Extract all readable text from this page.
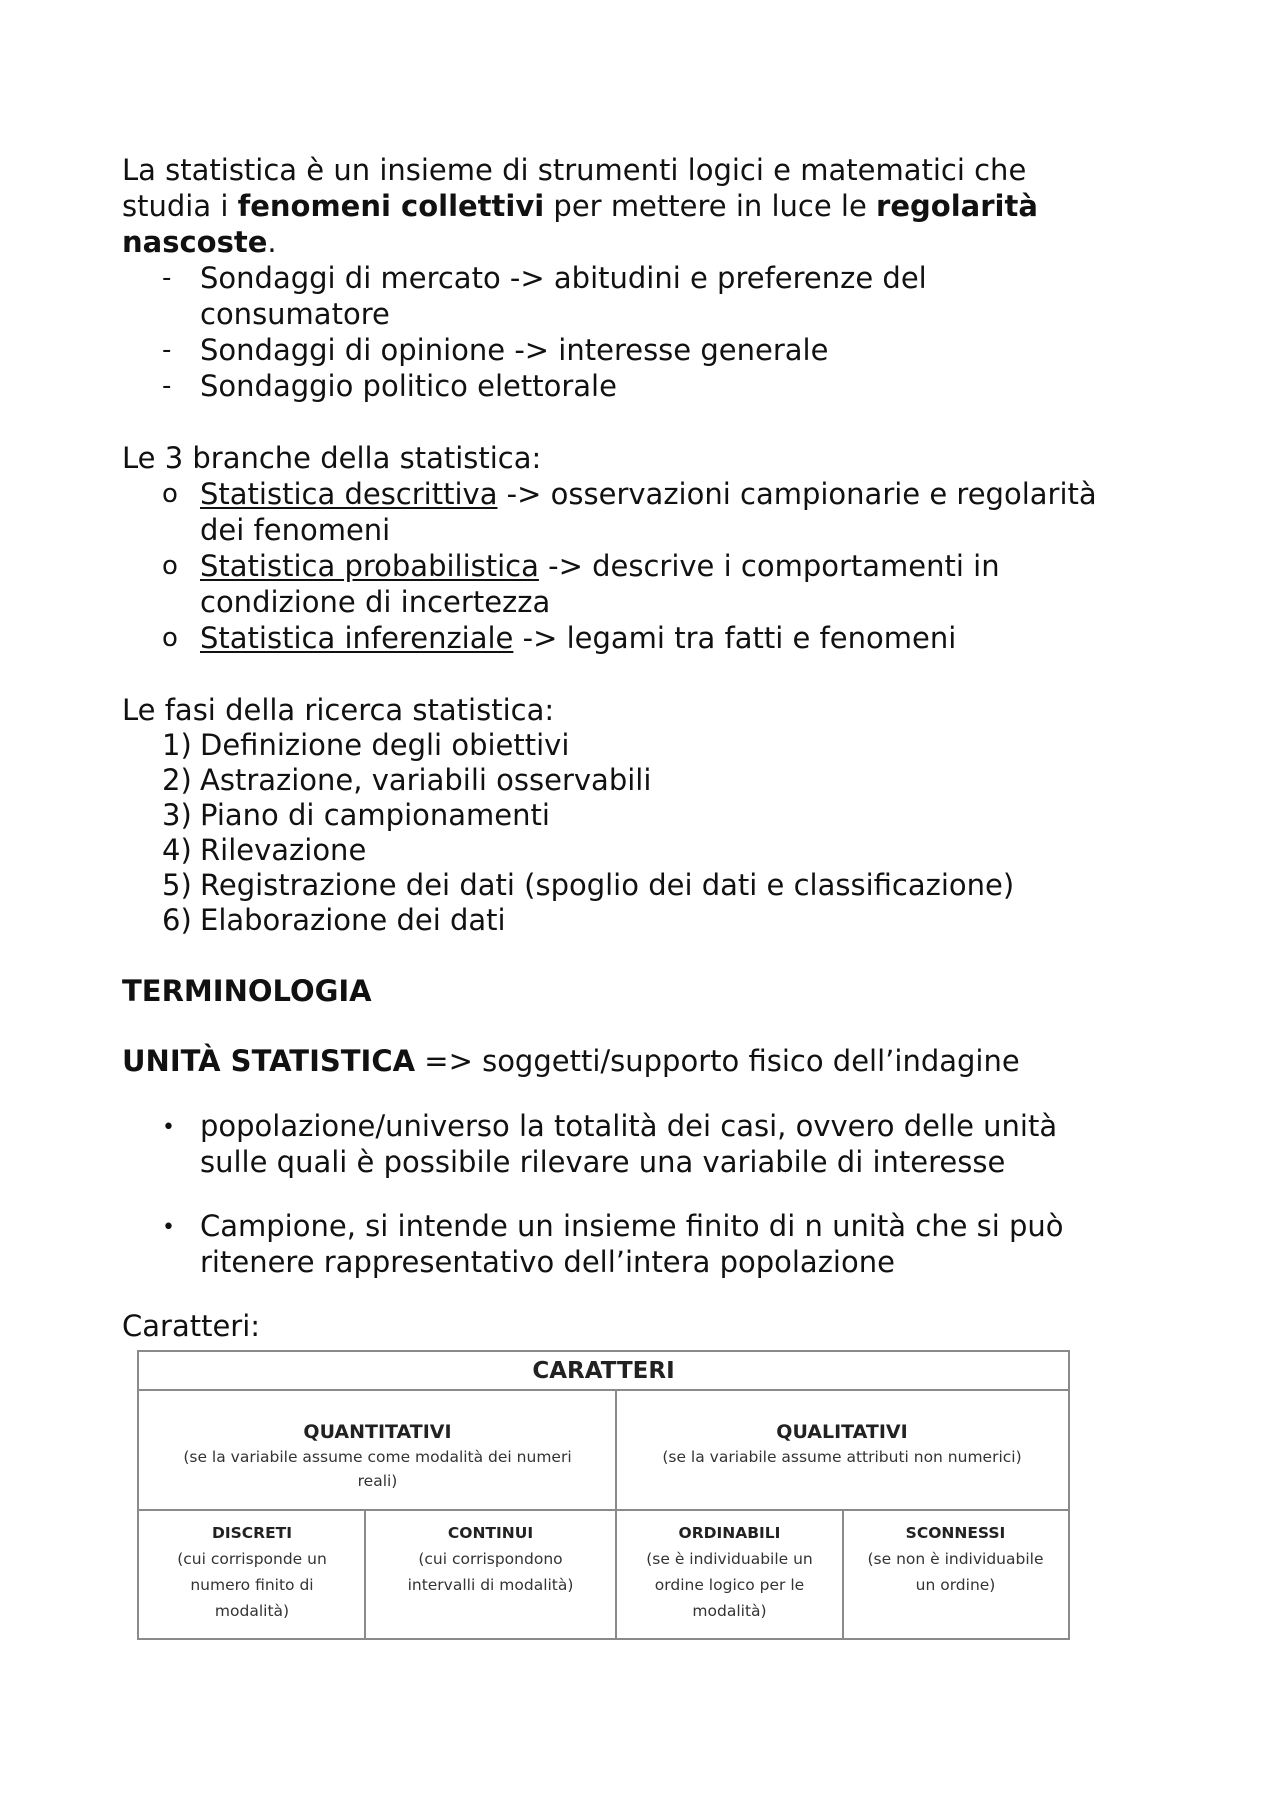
La statistica è un insieme di strumenti logici e matematici che
studia i fenomeni collettivi per mettere in luce le regolarità
nascoste.
- Sondaggi di mercato -> abitudini e preferenze del
consumatore
- Sondaggi di opinione -> interesse generale
- Sondaggio politico elettorale
Le 3 branche della statistica:
o Statistica descrittiva -> osservazioni campionarie e regolarità
dei fenomeni
o Statistica probabilistica -> descrive i comportamenti in
condizione di incertezza
o Statistica inferenziale -> legami tra fatti e fenomeni
Le fasi della ricerca statistica:
1) Definizione degli obiettivi
2) Astrazione, variabili osservabili
3) Piano di campionamenti
4) Rilevazione
5) Registrazione dei dati (spoglio dei dati e classificazione)
6) Elaborazione dei dati
TERMINOLOGIA
UNITÀ STATISTICA => soggetti/supporto fisico dell’indagine
• popolazione/universo la totalità dei casi, ovvero delle unità
sulle quali è possibile rilevare una variabile di interesse
• Campione, si intende un insieme finito di n unità che si può
ritenere rappresentativo dell’intera popolazione
Caratteri:
CARATTERI
QUANTITATIVI
(se la variabile assume come modalità dei numeri
reali)
QUALITATIVI
(se la variabile assume attributi non numerici)
DISCRETI
(cui corrisponde un
numero finito di
modalità)
CONTINUI
(cui corrispondono
intervalli di modalità)
ORDINABILI
(se è individuabile un
ordine logico per le
modalità)
SCONNESSI
(se non è individuabile
un ordine)
